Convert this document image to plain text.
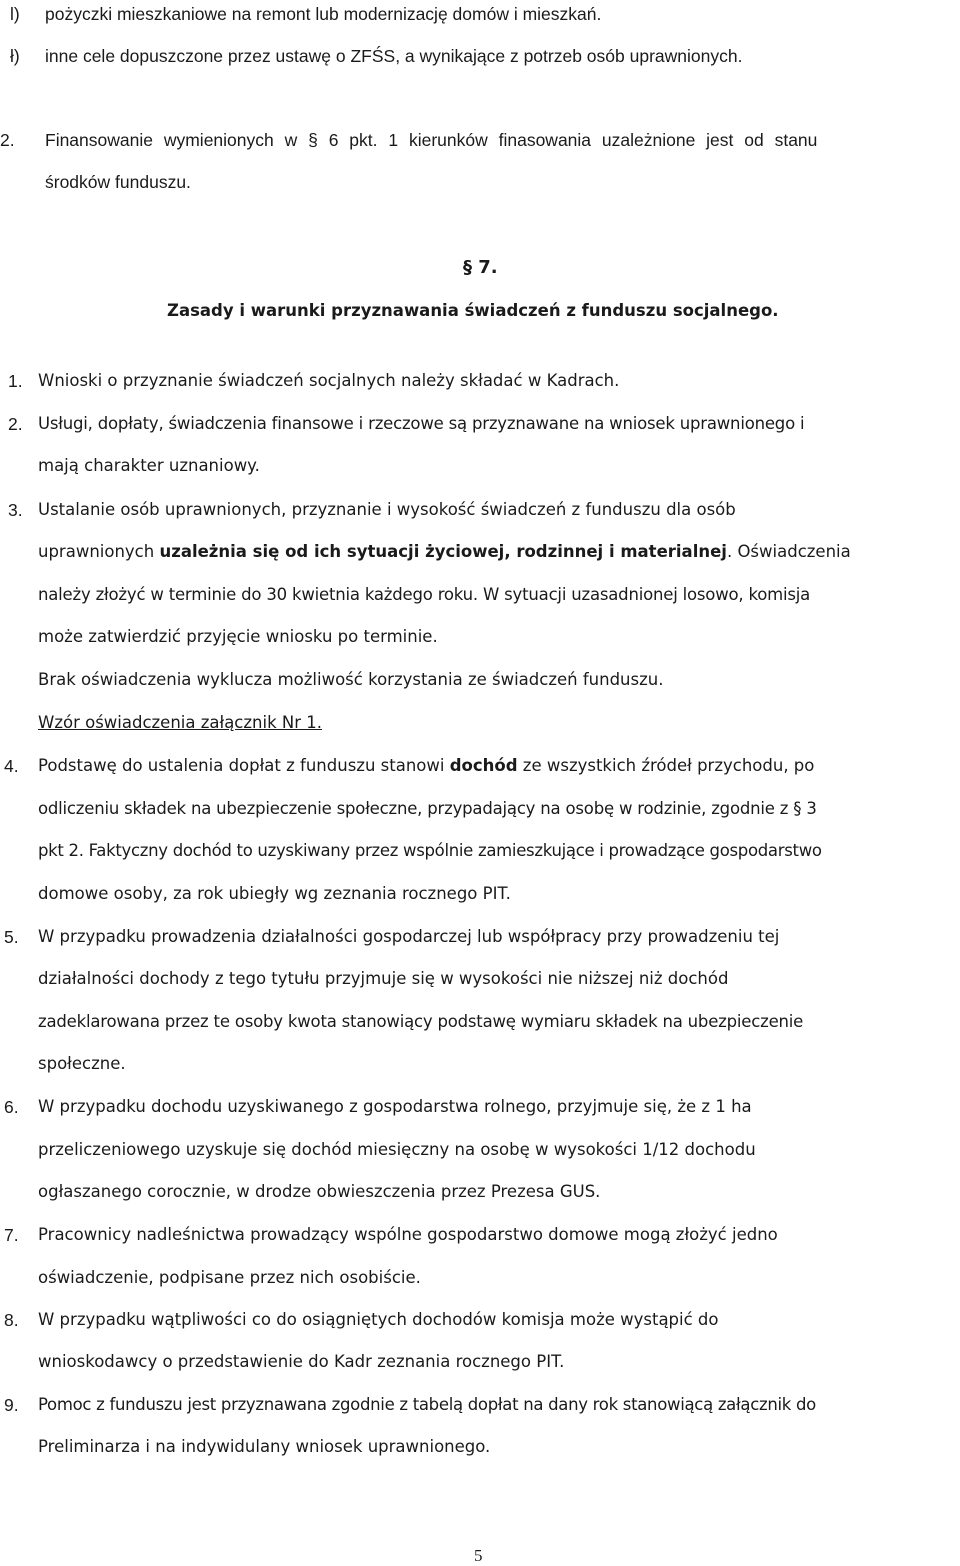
l) pożyczki mieszkaniowe na remont lub modernizację domów i mieszkań.
ł) inne cele dopuszczone przez ustawę o ZFŚS, a wynikające z potrzeb osób uprawnionych.
2. Finansowanie wymienionych w § 6 pkt. 1 kierunków finasowania uzależnione jest od stanu
środków funduszu.
§ 7.
Zasady i warunki przyznawania świadczeń z funduszu socjalnego.
1. Wnioski o przyznanie świadczeń socjalnych należy składać w Kadrach.
2. Usługi, dopłaty, świadczenia finansowe i rzeczowe są przyznawane na wniosek uprawnionego i
mają charakter uznaniowy.
3. Ustalanie osób uprawnionych, przyznanie i wysokość świadczeń z funduszu dla osób
uprawnionych uzależnia się od ich sytuacji życiowej, rodzinnej i materialnej. Oświadczenia
należy złożyć w terminie do 30 kwietnia każdego roku. W sytuacji uzasadnionej losowo, komisja
może zatwierdzić przyjęcie wniosku po terminie.
Brak oświadczenia wyklucza możliwość korzystania ze świadczeń funduszu.
Wzór oświadczenia załącznik Nr 1.
4. Podstawę do ustalenia dopłat z funduszu stanowi dochód ze wszystkich źródeł przychodu, po
odliczeniu składek na ubezpieczenie społeczne, przypadający na osobę w rodzinie, zgodnie z § 3
pkt 2. Faktyczny dochód to uzyskiwany przez wspólnie zamieszkujące i prowadzące gospodarstwo
domowe osoby, za rok ubiegły wg zeznania rocznego PIT.
5. W przypadku prowadzenia działalności gospodarczej lub współpracy przy prowadzeniu tej
działalności dochody z tego tytułu przyjmuje się w wysokości nie niższej niż dochód
zadeklarowana przez te osoby kwota stanowiący podstawę wymiaru składek na ubezpieczenie
społeczne.
6. W przypadku dochodu uzyskiwanego z gospodarstwa rolnego, przyjmuje się, że z 1 ha
przeliczeniowego uzyskuje się dochód miesięczny na osobę w wysokości 1/12 dochodu
ogłaszanego corocznie, w drodze obwieszczenia przez Prezesa GUS.
7. Pracownicy nadleśnictwa prowadzący wspólne gospodarstwo domowe mogą złożyć jedno
oświadczenie, podpisane przez nich osobiście.
8. W przypadku wątpliwości co do osiągniętych dochodów komisja może wystąpić do
wnioskodawcy o przedstawienie do Kadr zeznania rocznego PIT.
9. Pomoc z funduszu jest przyznawana zgodnie z tabelą dopłat na dany rok stanowiącą załącznik do
Preliminarza i na indywidulany wniosek uprawnionego.
5
